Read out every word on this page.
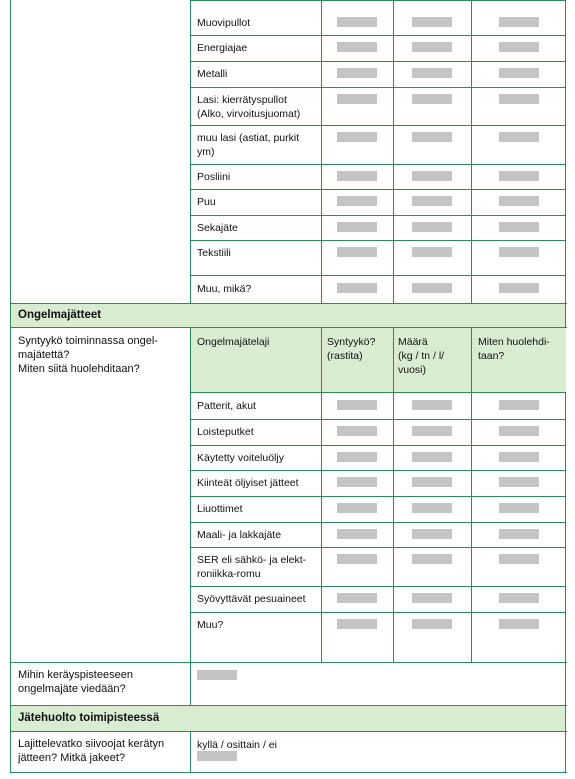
Muovipullot
Energiajae
Metalli
Lasi: kierrätyspullot
(Alko, virvoitusjuomat)
muu lasi (astiat, purkit
ym)
Posliini
Puu
Sekajäte
Tekstiili
Muu, mikä?
Ongelmajätteet
Syntyykö toiminnassa ongel-
majätettä?
Miten siitä huolehditaan?
Ongelmajätelaji	Syntyykö?
(rastita)
Määrä
(kg / tn / l/
vuosi)
Miten huolehdi-
taan?
Patterit, akut
Loisteputket
Käytetty voiteluöljy
Kiinteät öljyiset jätteet
Liuottimet
Maali- ja lakkajäte
SER eli sähkö- ja elekt-
roniikka-romu
Syövyttävät pesuaineet
Muu?
Mihin keräyspisteeseen
ongelmajäte viedään?
Jätehuolto toimipisteessä
Lajittelevatko siivoojat kerätyn
jätteen? Mitkä jakeet?
kyllä / osittain / ei
